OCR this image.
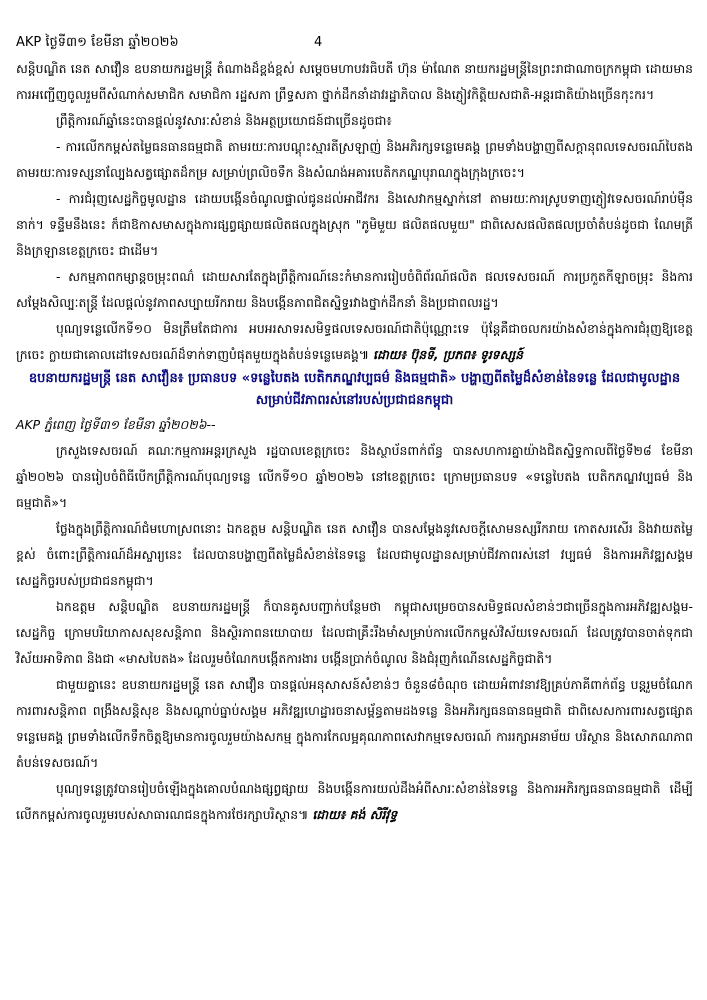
AKP ថ្ងៃទី៣១ ខែមីនា ឆ្នាំ២០២៦	4

សន្តិបណ្ឌិត នេត សាវឿន ឧបនាយករដ្ឋមន្ត្រី តំណាងដ៏ខ្ពង់ខ្ពស់ សម្ដេចមហាបវរធិបតី ហ៊ុន ម៉ាណែត នាយករដ្ឋមន្ត្រីនៃព្រះរាជាណាចក្រកម្ពុជា ដោយមានការអញ្ជើញចូលរួមពីសំណាក់សមាជិក សមាជិកា រដ្ឋសភា ព្រឹទ្ធសភា ថ្នាក់ដឹកនាំដាវរដ្ឋាភិបាល និងភ្ញៀវកិត្តិយសជាតិ-អន្តរជាតិយ៉ាងច្រើនកុះករ។

ព្រឹត្តិការណ៍ឆ្នាំនេះបានផ្ដល់នូវសារៈសំខាន់ និងអត្ថប្រយោជន៍ជាច្រើនដូចជា៖

- ការលើកកម្ពស់តម្លៃធនធានធម្មជាតិ តាមរយៈការបណ្ដុះស្មារតីស្រឡាញ់ និងអភិរក្សទន្លេមេគង្គ ព្រមទាំងបង្ហាញពីសក្ដានុពលទេសចរណ៍បៃតង តាមរយៈការទស្សនាល្បែងសត្វផ្សោតដ៏កម្រ សម្រាប់ព្រលិចទឹក និងសំណង់អគារបេតិកភណ្ឌបុរាណក្នុងក្រុងក្រចេះ។

- ការជំរុញសេដ្ឋកិច្ចមូលដ្ឋាន ដោយបង្កើនចំណូលផ្ទាល់ជូនដល់អាជីវករ និងសេវាកម្មស្នាក់នៅ តាមរយៈការស្រូបទាញភ្ញៀវទេសចរណ៍រាប់ម៉ឺននាក់។ ទន្ទឹមនឹងនេះ ក៏ជាឱកាសមាសក្នុងការផ្សព្វផ្សាយផលិតផលក្នុងស្រុក "ភូមិមួយ ផលិតផលមួយ" ជាពិសេសផលិតផលប្រចាំតំបន់ដូចជា ណែមត្រី និងក្រឡានខេត្តក្រចេះ ជាដើម។

- សកម្មភាពកម្សាន្តចម្រុះពណ៌ ដោយសារតែក្នុងព្រឹត្តិការណ៍នេះកំមានការរៀបចំពិព័រណ៍ផលិត ផលទេសចរណ៍ ការប្រកួតកីឡាចម្រុះ និងការសម្ដែងសិល្បៈតន្ត្រី ដែលផ្ដល់នូវភាពសប្បាយរីករាយ និងបង្កើនភាពជិតស្និទ្ធរវាងថ្នាក់ដឹកនាំ និងប្រជាពលរដ្ឋ។

បុណ្យទន្លេលើកទី១០ មិនត្រឹមតែជាការ អបអរសាទរសមិទ្ធផលទេសចរណ៍ជាតិប៉ុណ្ណោះទេ ប៉ុន្តែគឺជាចលករយ៉ាងសំខាន់ក្នុងការជំរុញឱ្យខេត្តក្រចេះ ក្លាយជាគោលដៅទេសចរណ៍ដ៏ទាក់ទាញបំផុតមួយក្នុងតំបន់ទន្លេមេគង្គ៕ ដោយ៖ ប៊ុនទី, ប្រភព៖ ទូរទស្សន៍

ឧបនាយករដ្ឋមន្ត្រី នេត សាវឿន៖ ប្រធានបទ «ទន្លេបៃតង បេតិកភណ្ឌវប្បធម៌ និងធម្មជាតិ» បង្ហាញពីតម្លៃដ៏សំខាន់នៃទន្លេ ដែលជាមូលដ្ឋានសម្រាប់ជីវភាពរស់នៅរបស់ប្រជាជនកម្ពុជា

AKP ភ្នំពេញ ថ្ងៃទី៣១ ខែមីនា ឆ្នាំ២០២៦--

ក្រសួងទេសចរណ៍ គណៈកម្មការអន្តរក្រសួង រដ្ឋបាលខេត្តក្រចេះ និងស្ថាប័នពាក់ព័ន្ធ បានសហការគ្នាយ៉ាងជិតស្និទ្ធកាលពីថ្ងៃទី២៨ ខែមីនា ឆ្នាំ២០២៦ បានរៀបចំពិធីបើកព្រឹត្តិការណ៍បុណ្យទន្លេ លើកទី១០ ឆ្នាំ២០២៦ នៅខេត្តក្រចេះ ក្រោមប្រធានបទ «ទន្លេបៃតង បេតិកភណ្ឌវប្បធម៌ និងធម្មជាតិ»។

ថ្លែងក្នុងព្រឹត្តិការណ៍ជំមហោស្រពនោះ ឯកឧត្តម សន្តិបណ្ឌិត នេត សាវឿន បានសម្ដែងនូវសេចក្ដីសោមនស្សរីករាយ កោតសរសើរ និងវាយតម្លៃខ្ពស់ ចំពោះព្រឹត្តិការណ៍ដ៏អស្ចារ្យនេះ ដែលបានបង្ហាញពីតម្លៃដ៏សំខាន់នៃទន្លេ ដែលជាមូលដ្ឋានសម្រាប់ជីវភាពរស់នៅ វប្បធម៌ និងការអភិវឌ្ឍសង្គមសេដ្ឋកិច្ចរបស់ប្រជាជនកម្ពុជា។

ឯកឧត្តម សន្តិបណ្ឌិត ឧបនាយករដ្ឋមន្ត្រី ក៏បានគូសបញ្ជាក់បន្ថែមថា កម្ពុជាសម្រេចបានសមិទ្ធផលសំខាន់ៗជាច្រើនក្នុងការអភិវឌ្ឍសង្គម-សេដ្ឋកិច្ច ក្រោមបរិយាកាសសុខសន្តិភាព និងស្ថិរភាពនយោបាយ ដែលជាគ្រឹះរឹងមាំសម្រាប់ការលើកកម្ពស់វិស័យទេសចរណ៍ ដែលត្រូវបានចាត់ទុកជាវិស័យអាទិភាព និងជា «មាសបៃតង» ដែលរួមចំណែកបង្កើតការងារ បង្កើនប្រាក់ចំណូល និងជំរុញកំណើនសេដ្ឋកិច្ចជាតិ។

ជាមួយគ្នានេះ ឧបនាយករដ្ឋមន្ត្រី នេត សាវឿន បានផ្ដល់អនុសាសន៍សំខាន់ៗ ចំនួន៨ចំណុច ដោយអំពាវនាវឱ្យគ្រប់ភាគីពាក់ព័ន្ធ បន្តរួមចំណែកការពារសន្តិភាព ពង្រឹងសន្តិសុខ និងសណ្ដាប់ធ្នាប់សង្គម អភិវឌ្ឍហេដ្ឋារចនាសម្ព័ន្ធតាមដងទន្លេ និងអភិរក្សធនធានធម្មជាតិ ជាពិសេសការពារសត្វផ្សោតទន្លេមេគង្គ ព្រមទាំងលើកទឹកចិត្តឱ្យមានការចូលរួមយ៉ាងសកម្ម ក្នុងការកែលម្អគុណភាពសេវាកម្មទេសចរណ៍ ការរក្សាអនាម័យ បរិស្ថាន និងសោភណភាពតំបន់ទេសចរណ៍។

បុណ្យទន្លេត្រូវបានរៀបចំឡើងក្នុងគោលបំណងផ្សព្វផ្សាយ និងបង្កើនការយល់ដឹងអំពីសារៈសំខាន់នៃទន្លេ និងការអភិរក្សធនធានធម្មជាតិ ដើម្បីលើកកម្ពស់ការចូលរួមរបស់សាធារណជនក្នុងការថែរក្សាបរិស្ថាន៕ ដោយ៖ គង់ សិរីវុទ្ធ
